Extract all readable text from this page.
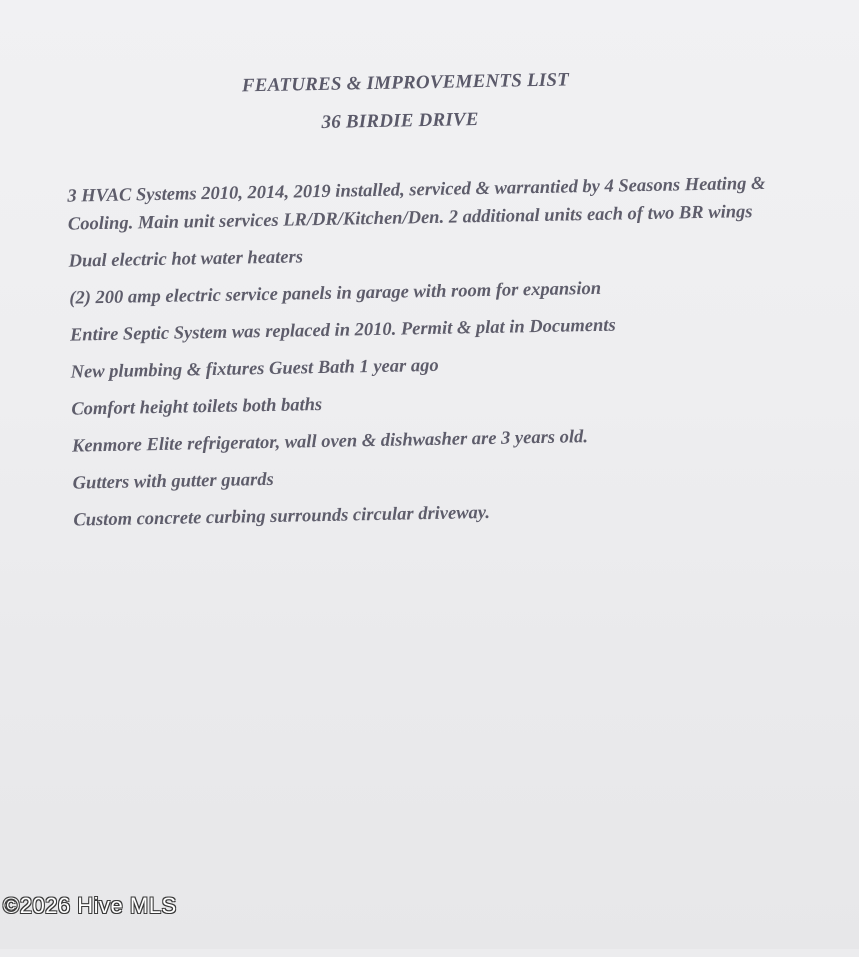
FEATURES & IMPROVEMENTS LIST
36 BIRDIE DRIVE
3 HVAC Systems 2010, 2014, 2019 installed, serviced & warrantied by 4 Seasons Heating & Cooling. Main unit services LR/DR/Kitchen/Den. 2 additional units each of two BR wings
Dual electric hot water heaters
(2) 200 amp electric service panels in garage with room for expansion
Entire Septic System was replaced in 2010. Permit & plat in Documents
New plumbing & fixtures Guest Bath 1 year ago
Comfort height toilets both baths
Kenmore Elite refrigerator, wall oven & dishwasher are 3 years old.
Gutters with gutter guards
Custom concrete curbing surrounds circular driveway.
©2026 Hive MLS
